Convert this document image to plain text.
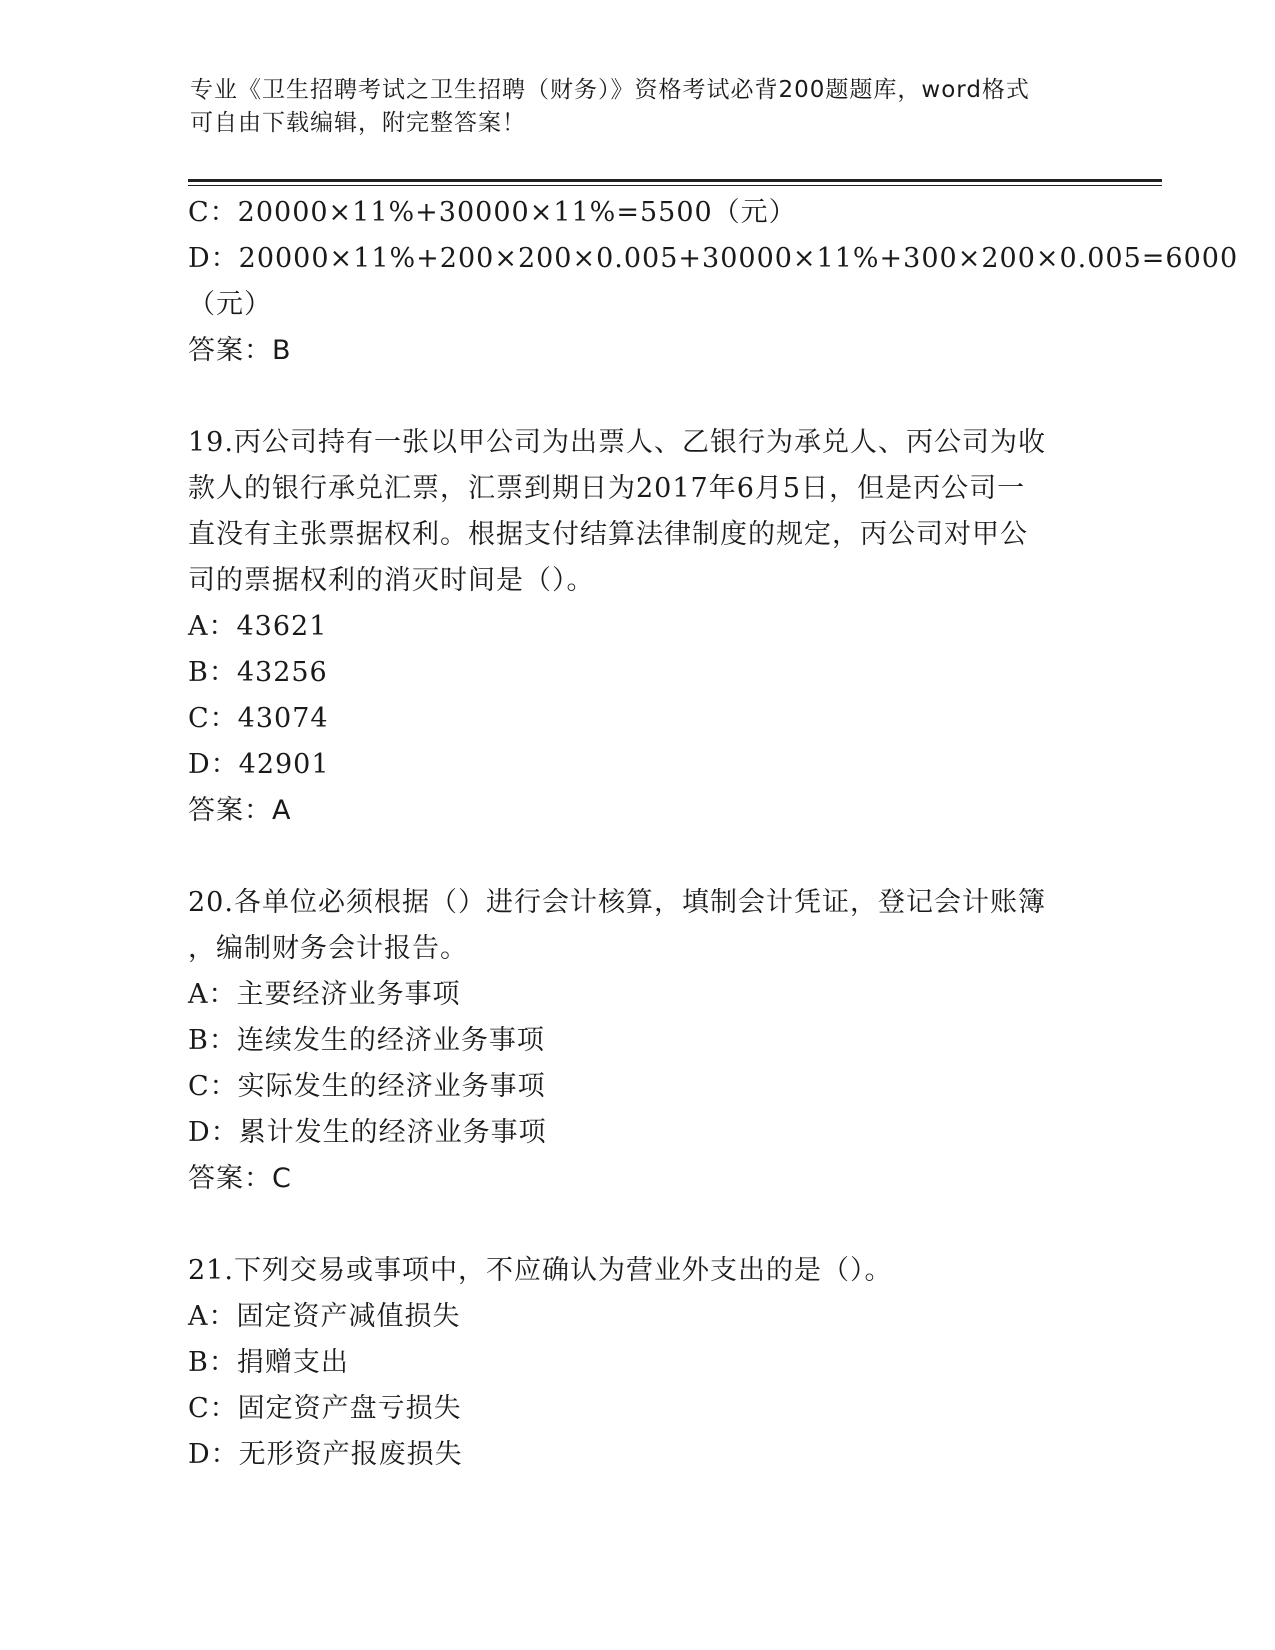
专业《卫生招聘考试之卫生招聘（财务）》资格考试必背200题题库，word格式
可自由下载编辑，附完整答案！
C：20000×11%+30000×11%=5500（元）
D：20000×11%+200×200×0.005+30000×11%+300×200×0.005=6000
（元）
答案：B
19.丙公司持有一张以甲公司为出票人、乙银行为承兑人、丙公司为收
款人的银行承兑汇票，汇票到期日为2017年6月5日，但是丙公司一
直没有主张票据权利。根据支付结算法律制度的规定，丙公司对甲公
司的票据权利的消灭时间是（）。
A：43621
B：43256
C：43074
D：42901
答案：A
20.各单位必须根据（）进行会计核算，填制会计凭证，登记会计账簿
，编制财务会计报告。
A：主要经济业务事项
B：连续发生的经济业务事项
C：实际发生的经济业务事项
D：累计发生的经济业务事项
答案：C
21.下列交易或事项中，不应确认为营业外支出的是（）。
A：固定资产减值损失
B：捐赠支出
C：固定资产盘亏损失
D：无形资产报废损失
